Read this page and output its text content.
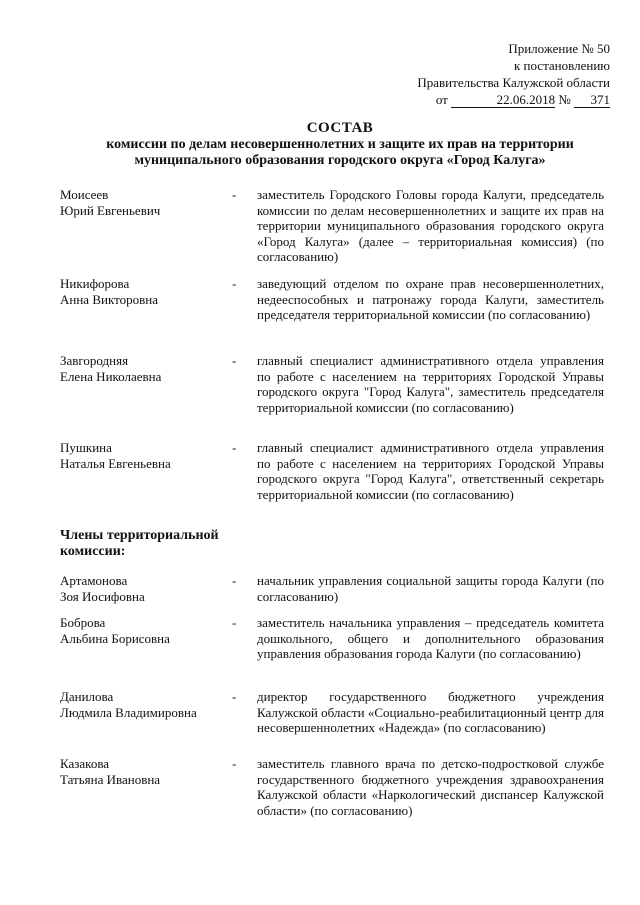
Приложение № 50
к постановлению
Правительства Калужской области
от	22.06.2018 № 371
СОСТАВ
комиссии по делам несовершеннолетних и защите их прав на территории
муниципального образования городского округа «Город Калуга»
Моисеев
Юрий Евгеньевич
- заместитель Городского Головы города Калуги, председатель комиссии по делам несовершеннолетних и защите их прав на территории муниципального образования городского округа «Город Калуга» (далее – территориальная комиссия) (по согласованию)
Никифорова
Анна Викторовна
- заведующий отделом по охране прав несовершеннолетних, недееспособных и патронажу города Калуги, заместитель председателя территориальной комиссии (по согласованию)
Завгородняя
Елена Николаевна
- главный специалист административного отдела управления по работе с населением на территориях Городской Управы городского округа "Город Калуга", заместитель председателя территориальной комиссии (по согласованию)
Пушкина
Наталья Евгеньевна
- главный специалист административного отдела управления по работе с населением на территориях Городской Управы городского округа "Город Калуга", ответственный секретарь территориальной комиссии (по согласованию)
Члены территориальной комиссии:
Артамонова
Зоя Иосифовна
- начальник управления социальной защиты города Калуги (по согласованию)
Боброва
Альбина Борисовна
- заместитель начальника управления – председатель комитета дошкольного, общего и дополнительного образования управления образования города Калуги (по согласованию)
Данилова
Людмила Владимировна
- директор государственного бюджетного учреждения Калужской области «Социально-реабилитационный центр для несовершеннолетних «Надежда» (по согласованию)
Казакова
Татьяна Ивановна
- заместитель главного врача по детско-подростковой службе государственного бюджетного учреждения здравоохранения Калужской области «Наркологический диспансер Калужской области» (по согласованию)
